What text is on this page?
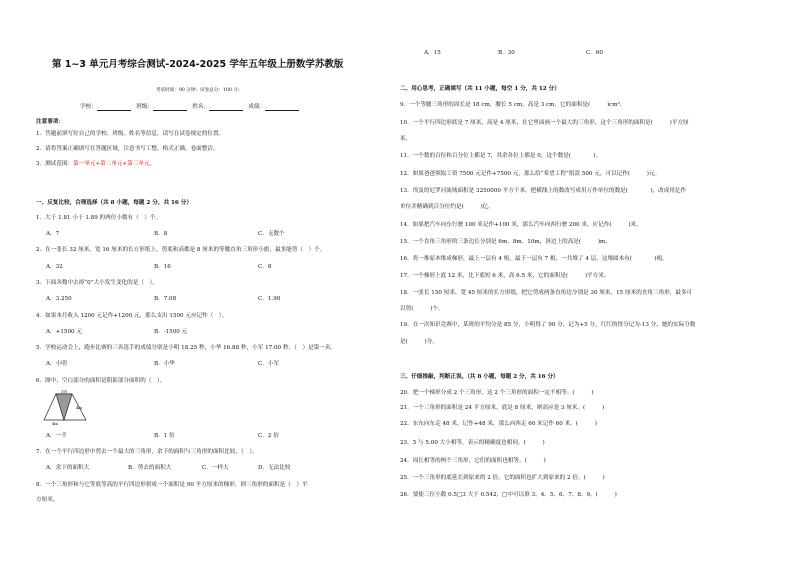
第 1~3 单元月考综合测试-2024-2025 学年五年级上册数学苏教版
考试时间：90 分钟；试卷总分：100 分；
学校：	班级：	姓名：	成绩：
注意事项：
1．答题前填写好自己的学校、班级、姓名等信息，请写在试卷规定的位置。
2．请将答案正确填写在答题区域，注意书写工整，格式正确，卷面整洁。
3．测试范围：第一单元+第二单元+第三单元。
一、反复比较，合理选择（共 8 小题，每题 2 分，共 16 分）
1．大于 1.81 小于 1.89 的两位小数有（　）个。
A．7	B．8	C．无数个
2．在一张长 32 厘米，宽 16 厘米的长方形纸上，剪底和高都是 8 厘米的等腰直角三角形小旗，最多能剪（　）个。
A．32	B．16	C．8
3．下面各数中去掉“0”大小发生变化的是（　）。
A．3.250	B．7.08	C．1.90
4．如果本月收入 1200 元记作+1200 元，那么支出 1500 元应记作（　）。
A．+1500 元	B．-1500 元
5．学校运动会上，跑步比赛的三名选手的成绩分别是小明 18.25 秒，小华 16.88 秒，小军 17.00 秒。（　）是第一名。
A．小明	B．小华	C．小军
6．图中，空白部分的面积是阴影部分面积的（　）。
2m
4m
4m
A．一半	B．1 倍	C．2 倍
7．在一个平行四边形中剪去一个最大的三角形，余下的面积与三角形的面积比较，（　）。
A．余下的面积大	B．剪去的面积大	C．一样大	D．无法比较
8．一个三角形和与它等底等高的平行四边形拼成一个面积是 90 平方厘米的梯形，则三角形的面积是（　）平
方厘米。
A．15	B．30	C．60
二、用心思考，正确填写（共 11 小题，每空 1 分，共 12 分）
9．一个等腰三角形的周长是 18 cm，腰长 5 cm，高是 3 cm，它的面积是(　　　)cm².
10．一个平行四边形底是 7 厘米，高是 4 厘米，在它里面画一个最大的三角形，这个三角形的面积是(　　　)平方厘
米。
11．一个数的百位和百分位上都是 7，其余各位上都是 0，这个数是(　　　　)。
12．如果爸爸领取工资 7500 元记作+7500 元，那么给“希望工程”捐款 500 元，可以记作(　　　)元。
13．埃及的尼罗河流域面积是 3250000 平方千米，把横线上的数改写成用万作单位的数是(　　　　)，改成用亿作
单位并精确到百分位约是(　　　)亿。
14．如果把汽车向东行驶 100 米记作+100 米，那么汽车向西行驶 200 米，应记作(　　　)米。
15．一个直角三角形的三条边长分别是 6m、8m、10m，斜边上的高是(　　　)m。
16．将一堆原木堆成梯形，最上一层有 4 根，最下一层有 7 根，一共堆了 4 层，这堆圆木有(　　　　)根。
17．一个梯形上底 12 米，比下底短 6 米，高 6.5 米，它的面积是(　　　)平方米。
18．一张长 150 厘米、宽 45 厘米的长方形纸，把它剪成两条直角边分别是 30 厘米、15 厘米的直角三角形，最多可
以剪(　　　)个。
19．在一次知识竞赛中，某班的平均分是 85 分，小明得了 90 分，记为+5 分，红红的得分记为-13 分，她的实际分数
是(　　　)分。
三、仔细推敲，判断正误。（共 8 小题，每题 2 分，共 16 分）
20．把一个梯形分成 2 个三角形，这 2 个三角形的面积一定不相等。(　　　)
21．一个三角形的面积是 24 平方厘米，底是 8 厘米，则高应是 3 厘米。(　　　)
22．东东向东走 48 米，记作+48 米，那么向西走 60 米记作 60 米。(　　　)
23．5 与 5.00 大小相等，表示的精确度也相同。(　　　)
24．周长相等的两个三角形，它们的面积也相等。(　　　)
25．一个三角形的底延长到原来的 2 倍，它的面积也扩大到原来的 2 倍。(　　　)
26．要使三位小数 0.5□3 大于 0.542，□中可以填 3、4、5、6、7、8、9。(　　　)
